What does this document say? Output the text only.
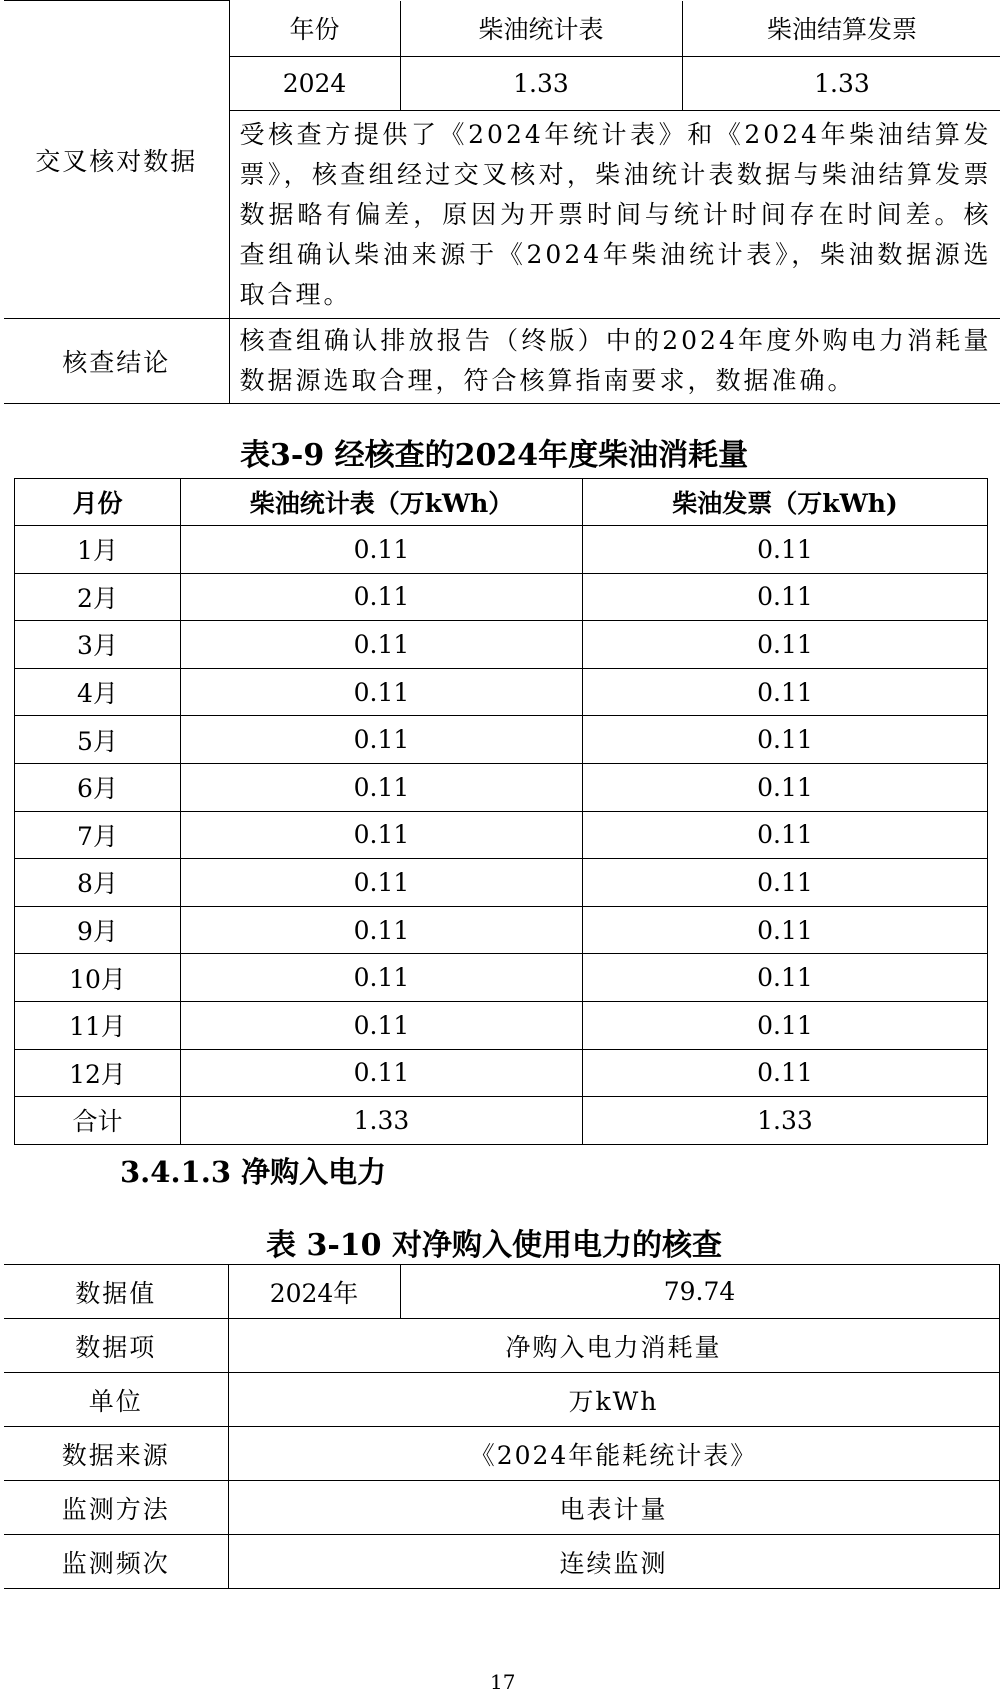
交叉核对数据	年份	柴油统计表	柴油结算发票
	2024	1.33	1.33
	受核查方提供了《2024年统计表》和《2024年柴油结算发票》，核查组经过交叉核对，柴油统计表数据与柴油结算发票数据略有偏差，原因为开票时间与统计时间存在时间差。核查组确认柴油来源于《2024年柴油统计表》，柴油数据源选取合理。		
核查结论	核查组确认排放报告（终版）中的2024年度外购电力消耗量数据源选取合理，符合核算指南要求，数据准确。		
表3-9 经核查的2024年度柴油消耗量
月份	柴油统计表（万kWh）	柴油发票（万kWh)
1月	0.11	0.11
2月	0.11	0.11
3月	0.11	0.11
4月	0.11	0.11
5月	0.11	0.11
6月	0.11	0.11
7月	0.11	0.11
8月	0.11	0.11
9月	0.11	0.11
10月	0.11	0.11
11月	0.11	0.11
12月	0.11	0.11
合计	1.33	1.33
3.4.1.3 净购入电力
表 3-10 对净购入使用电力的核查
数据值	2024年	79.74
数据项	净购入电力消耗量	
单位	万kWh	
数据来源	《2024年能耗统计表》	
监测方法	电表计量	
监测频次	连续监测	
17
